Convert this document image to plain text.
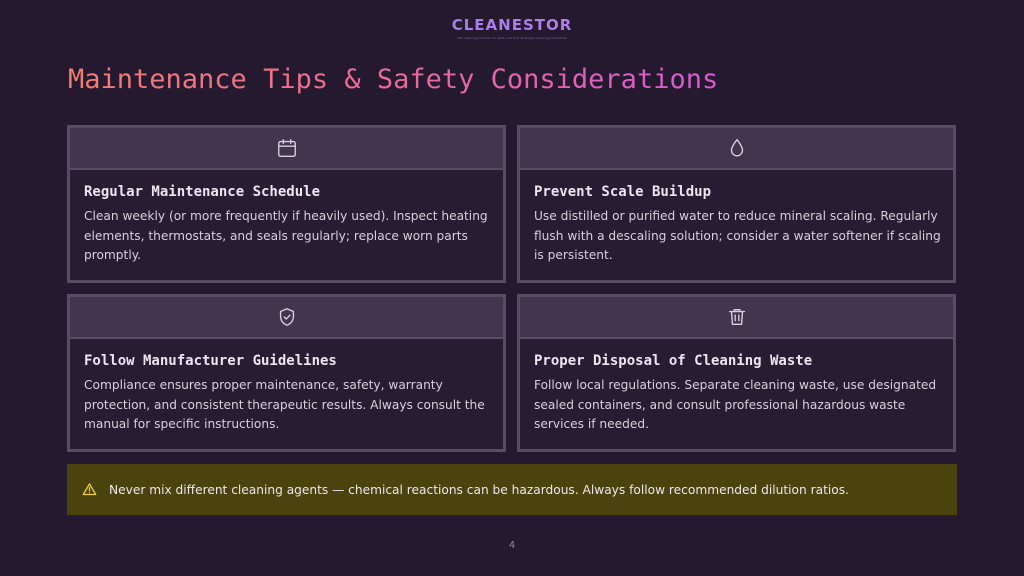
CLEANESTOR
The Leading Choice for Safe and Eco-Friendly Cleaning Solutions
Maintenance Tips & Safety Considerations
Regular Maintenance Schedule
Clean weekly (or more frequently if heavily used). Inspect heating elements, thermostats, and seals regularly; replace worn parts promptly.
Prevent Scale Buildup
Use distilled or purified water to reduce mineral scaling. Regularly flush with a descaling solution; consider a water softener if scaling is persistent.
Follow Manufacturer Guidelines
Compliance ensures proper maintenance, safety, warranty protection, and consistent therapeutic results. Always consult the manual for specific instructions.
Proper Disposal of Cleaning Waste
Follow local regulations. Separate cleaning waste, use designated sealed containers, and consult professional hazardous waste services if needed.
Never mix different cleaning agents — chemical reactions can be hazardous. Always follow recommended dilution ratios.
4
